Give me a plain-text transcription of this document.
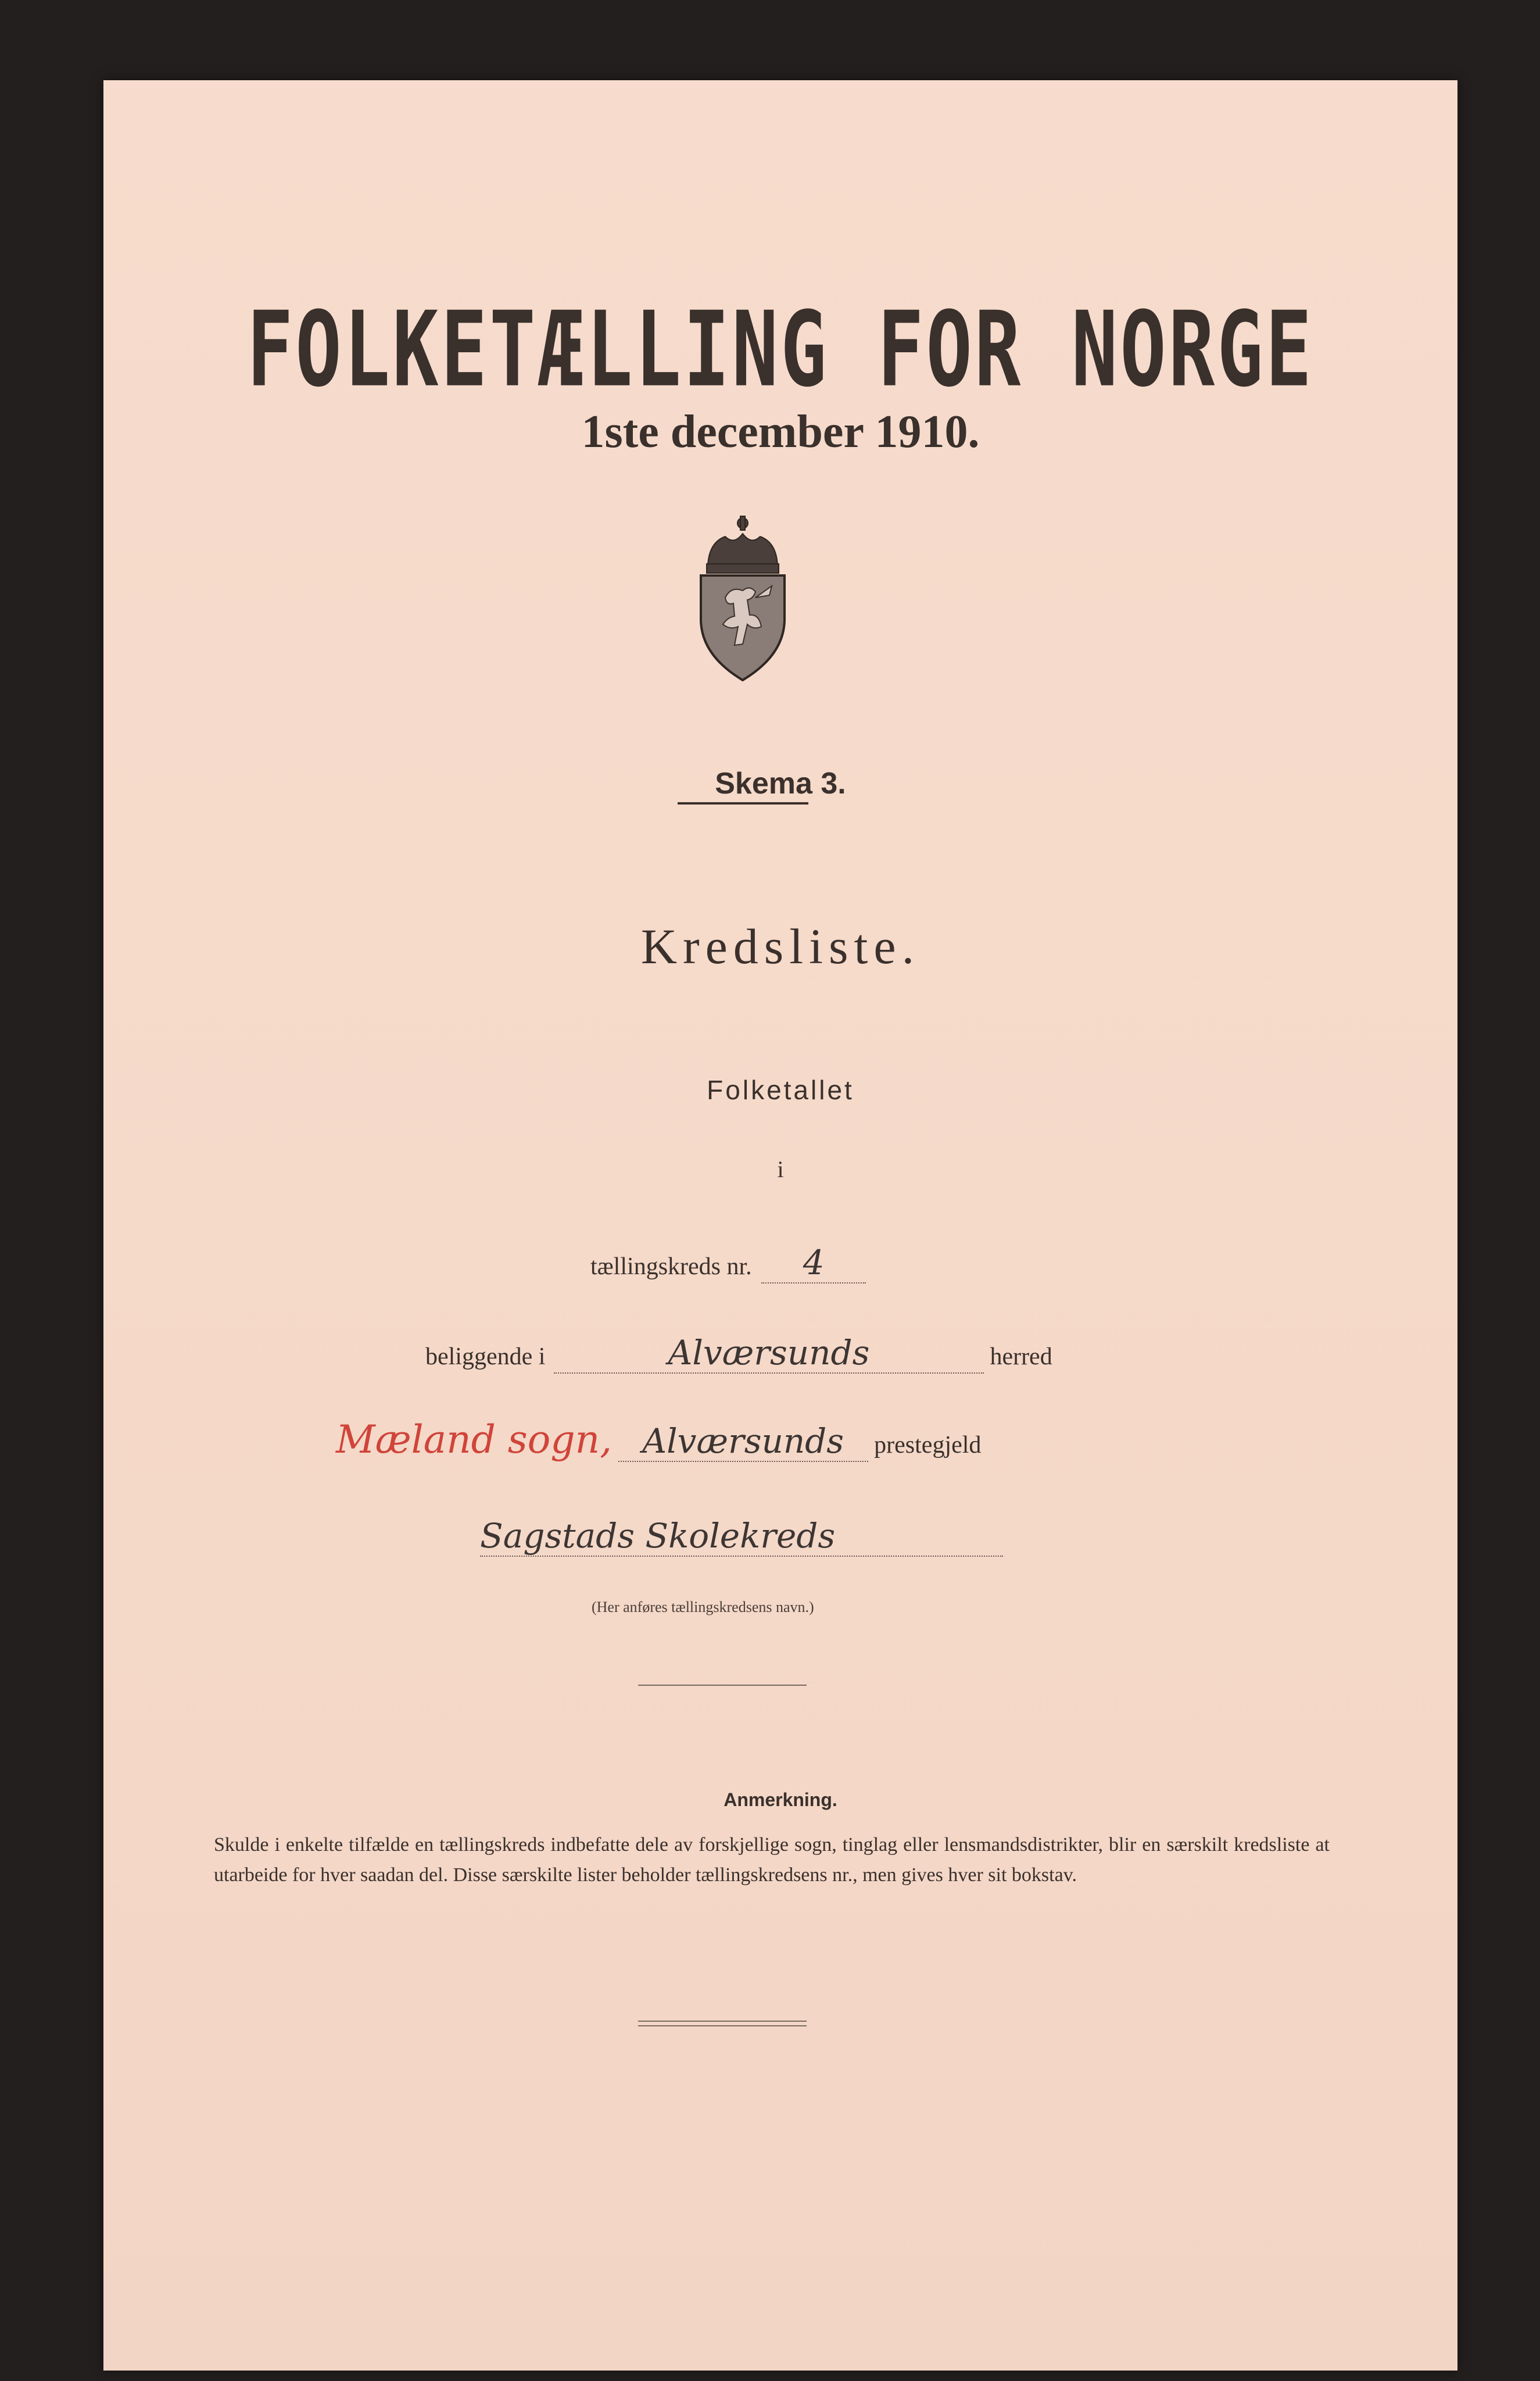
FOLKETÆLLING FOR NORGE
1ste december 1910.
Skema 3.
Kredsliste.
Folketallet
i
tællingskreds nr. 4
beliggende i	Alværsunds	herred
Mæland sogn, Alværsunds prestegjeld
Sagstads Skolekreds
(Her anføres tællingskredsens navn.)
Anmerkning.
Skulde i enkelte tilfælde en tællingskreds indbefatte dele av forskjellige sogn, tinglag eller lensmandsdistrikter, blir en særskilt kredsliste at utarbeide for hver saadan del. Disse særskilte lister beholder tællingskredsens nr., men gives hver sit bokstav.
